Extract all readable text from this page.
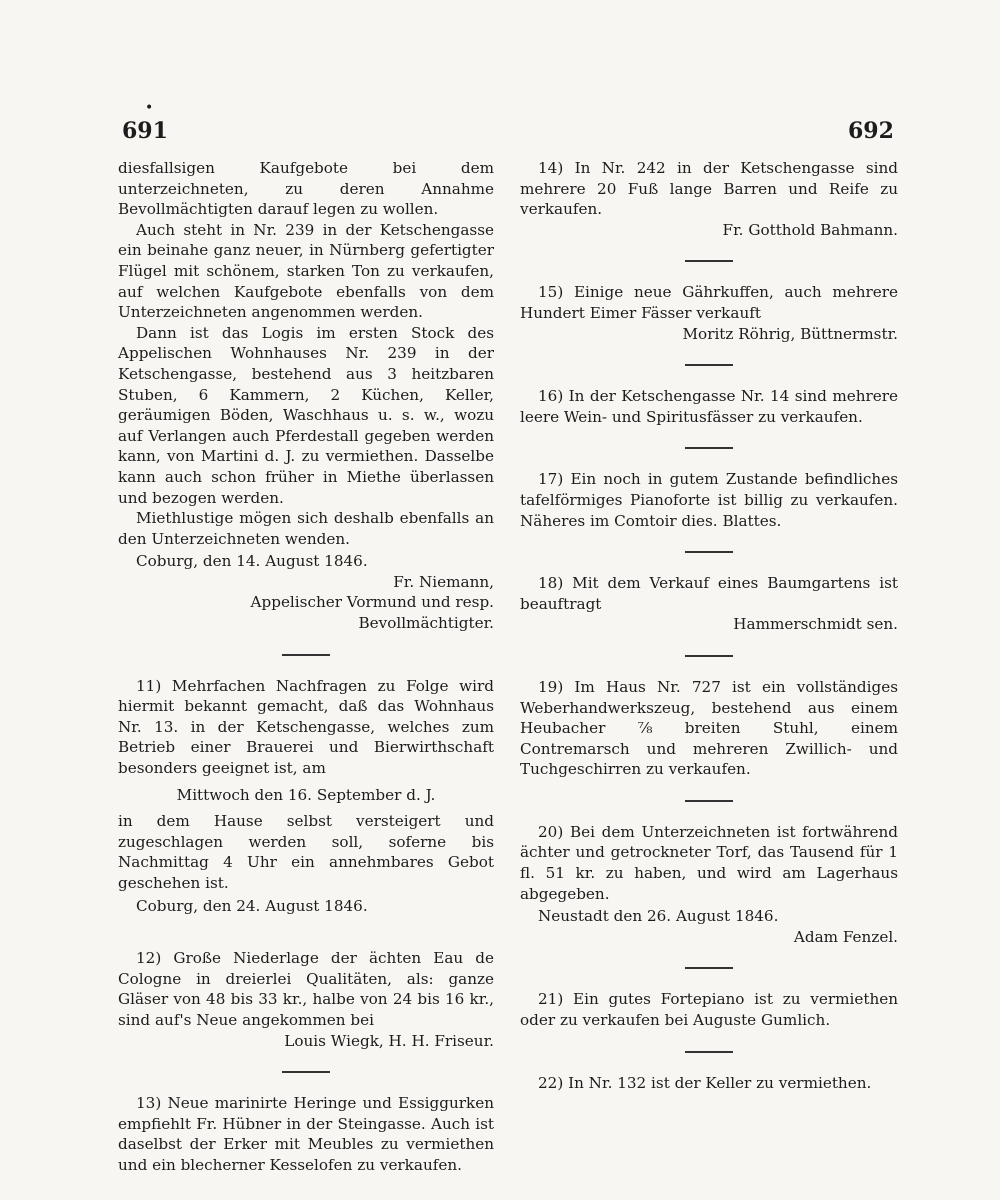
•
691	692

diesfallsigen Kaufgebote bei dem unterzeichneten, zu deren Annahme Bevollmächtigten darauf legen zu wollen.

Auch steht in Nr. 239 in der Ketschengasse ein beinahe ganz neuer, in Nürnberg gefertigter Flügel mit schönem, starken Ton zu verkaufen, auf welchen Kaufgebote ebenfalls von dem Unterzeichneten angenommen werden.

Dann ist das Logis im ersten Stock des Appelischen Wohnhauses Nr. 239 in der Ketschengasse, bestehend aus 3 heitzbaren Stuben, 6 Kammern, 2 Küchen, Keller, geräumigen Böden, Waschhaus u. s. w., wozu auf Verlangen auch Pferdestall gegeben werden kann, von Martini d. J. zu vermiethen. Dasselbe kann auch schon früher in Miethe überlassen und bezogen werden.

Miethlustige mögen sich deshalb ebenfalls an den Unterzeichneten wenden.

Coburg, den 14. August 1846.

Fr. Niemann,

Appelischer Vormund und resp. Bevollmächtigter.

11) Mehrfachen Nachfragen zu Folge wird hiermit bekannt gemacht, daß das Wohnhaus Nr. 13. in der Ketschengasse, welches zum Betrieb einer Brauerei und Bierwirthschaft besonders geeignet ist, am

Mittwoch den 16. September d. J.

in dem Hause selbst versteigert und zugeschlagen werden soll, soferne bis Nachmittag 4 Uhr ein annehmbares Gebot geschehen ist.

Coburg, den 24. August 1846.

12) Große Niederlage der ächten Eau de Cologne in dreierlei Qualitäten, als: ganze Gläser von 48 bis 33 kr., halbe von 24 bis 16 kr., sind auf's Neue angekommen bei

Louis Wiegk, H. H. Friseur.

13) Neue marinirte Heringe und Essiggurken empfiehlt Fr. Hübner in der Steingasse. Auch ist daselbst der Erker mit Meubles zu vermiethen und ein blecherner Kesselofen zu verkaufen.

14) In Nr. 242 in der Ketschengasse sind mehrere 20 Fuß lange Barren und Reife zu verkaufen.

Fr. Gotthold Bahmann.

15) Einige neue Gährkuffen, auch mehrere Hundert Eimer Fässer verkauft

Moritz Röhrig, Büttnermstr.

16) In der Ketschengasse Nr. 14 sind mehrere leere Wein- und Spiritusfässer zu verkaufen.

17) Ein noch in gutem Zustande befindliches tafelförmiges Pianoforte ist billig zu verkaufen. Näheres im Comtoir dies. Blattes.

18) Mit dem Verkauf eines Baumgartens ist beauftragt

Hammerschmidt sen.

19) Im Haus Nr. 727 ist ein vollständiges Weberhandwerkszeug, bestehend aus einem Heubacher ⅞ breiten Stuhl, einem Contremarsch und mehreren Zwillich- und Tuchgeschirren zu verkaufen.

20) Bei dem Unterzeichneten ist fortwährend ächter und getrockneter Torf, das Tausend für 1 fl. 51 kr. zu haben, und wird am Lagerhaus abgegeben.

Neustadt den 26. August 1846.

Adam Fenzel.

21) Ein gutes Fortepiano ist zu vermiethen oder zu verkaufen bei Auguste Gumlich.

22) In Nr. 132 ist der Keller zu vermiethen.
